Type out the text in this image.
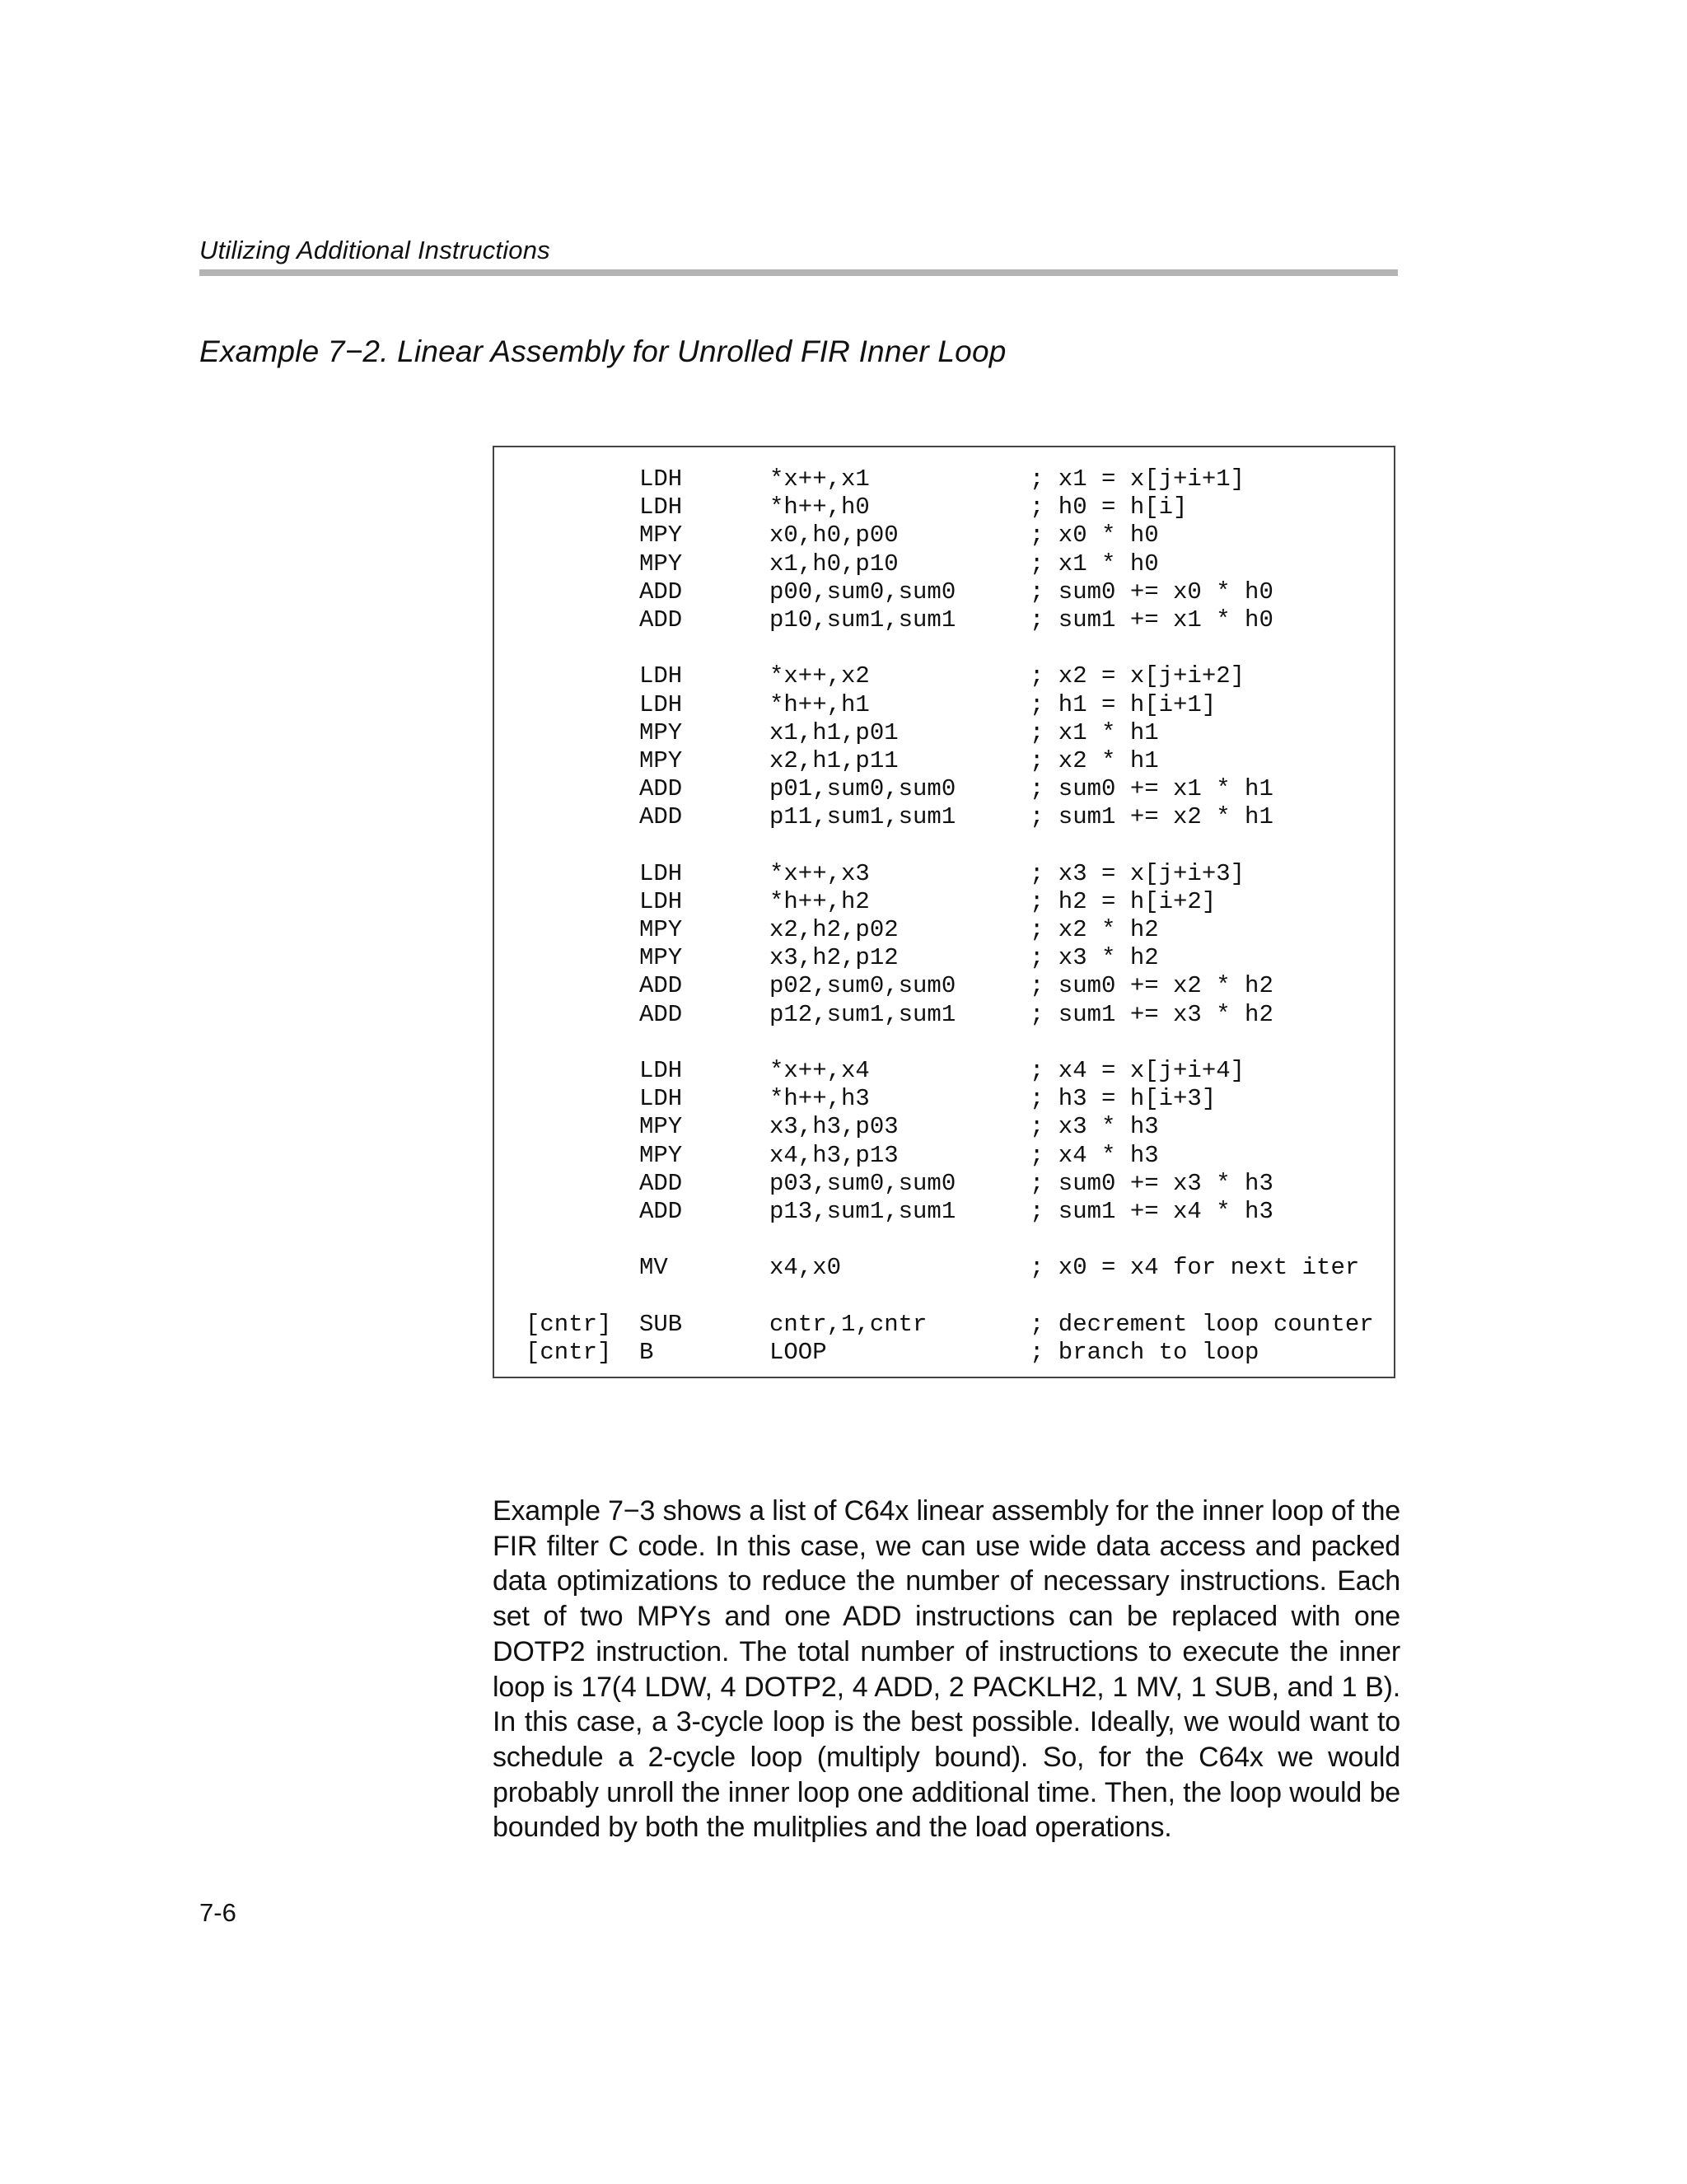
Utilizing Additional Instructions

Example 7−2. Linear Assembly for Unrolled FIR Inner Loop
LDH	*x++,x1	; x1 = x[j+i+1]
LDH	*h++,h0	; h0 = h[i]
MPY	x0,h0,p00	; x0 * h0
MPY	x1,h0,p10	; x1 * h0
ADD	p00,sum0,sum0	; sum0 += x0 * h0
ADD	p10,sum1,sum1	; sum1 += x1 * h0
LDH	*x++,x2	; x2 = x[j+i+2]
LDH	*h++,h1	; h1 = h[i+1]
MPY	x1,h1,p01	; x1 * h1
MPY	x2,h1,p11	; x2 * h1
ADD	p01,sum0,sum0	; sum0 += x1 * h1
ADD	p11,sum1,sum1	; sum1 += x2 * h1
LDH	*x++,x3	; x3 = x[j+i+3]
LDH	*h++,h2	; h2 = h[i+2]
MPY	x2,h2,p02	; x2 * h2
MPY	x3,h2,p12	; x3 * h2
ADD	p02,sum0,sum0	; sum0 += x2 * h2
ADD	p12,sum1,sum1	; sum1 += x3 * h2
LDH	*x++,x4	; x4 = x[j+i+4]
LDH	*h++,h3	; h3 = h[i+3]
MPY	x3,h3,p03	; x3 * h3
MPY	x4,h3,p13	; x4 * h3
ADD	p03,sum0,sum0	; sum0 += x3 * h3
ADD	p13,sum1,sum1	; sum1 += x4 * h3
MV	x4,x0	; x0 = x4 for next iter
[cntr] SUB	cntr,1,cntr	; decrement loop counter
[cntr] B	LOOP	; branch to loop

Example 7−3 shows a list of C64x linear assembly for the inner loop of the FIR filter C code. In this case, we can use wide data access and packed data optimizations to reduce the number of necessary instructions. Each set of two MPYs and one ADD instructions can be replaced with one DOTP2 instruction. The total number of instructions to execute the inner loop is 17(4 LDW, 4 DOTP2, 4 ADD, 2 PACKLH2, 1 MV, 1 SUB, and 1 B). In this case, a 3-cycle loop is the best possible. Ideally, we would want to schedule a 2-cycle loop (multiply bound). So, for the C64x we would probably unroll the inner loop one additional time. Then, the loop would be bounded by both the mulitplies and the load operations.

7-6
